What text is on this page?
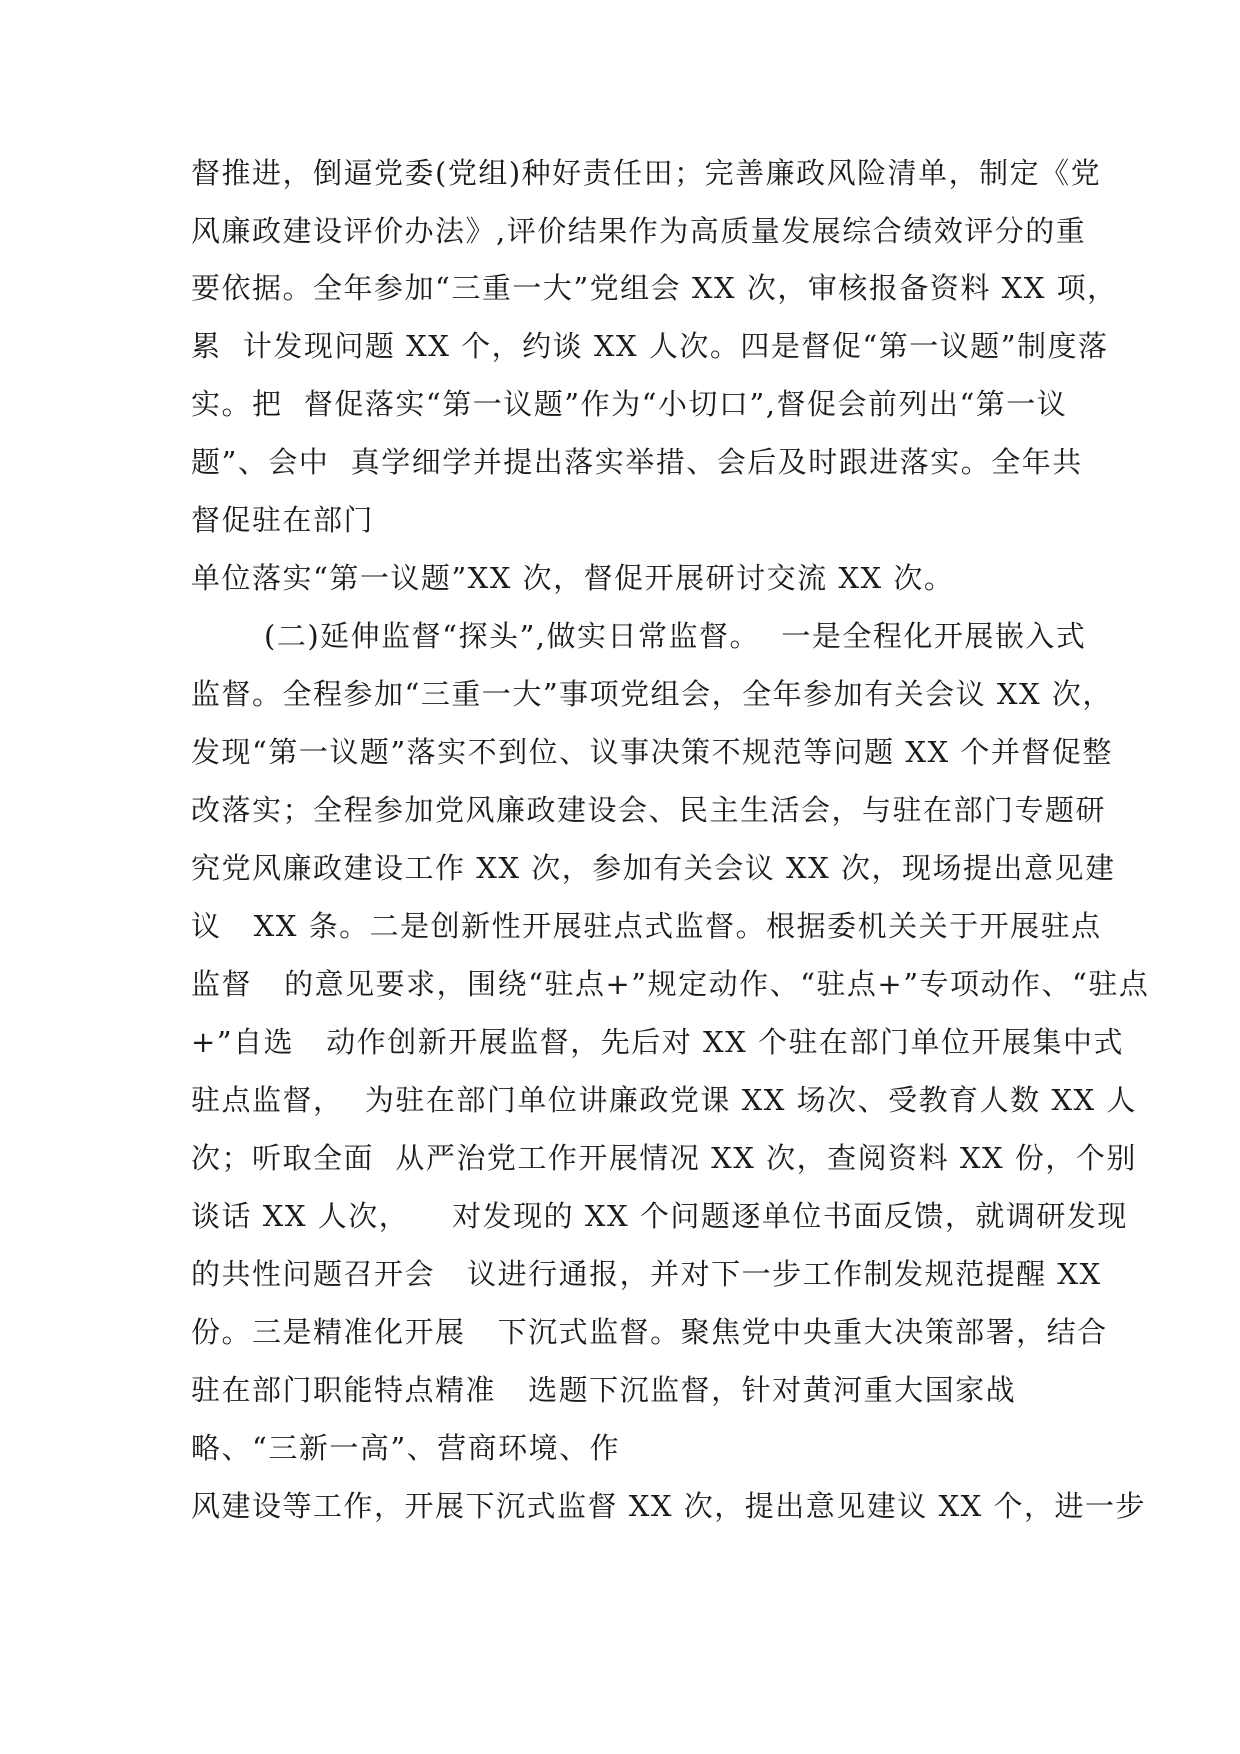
督推进，倒逼党委(党组)种好责任田；完善廉政风险清单，制定《党
风廉政建设评价办法》,评价结果作为高质量发展综合绩效评分的重
要依据。全年参加“三重一大”党组会 XX 次，审核报备资料 XX 项，
累  计发现问题 XX 个，约谈 XX 人次。四是督促“第一议题”制度落
实。把  督促落实“第一议题”作为“小切口”,督促会前列出“第一议
题”、会中  真学细学并提出落实举措、会后及时跟进落实。全年共
督促驻在部门
单位落实“第一议题”XX 次，督促开展研讨交流 XX 次。
(二)延伸监督“探头”,做实日常监督。  一是全程化开展嵌入式
监督。全程参加“三重一大”事项党组会，全年参加有关会议 XX 次，
发现“第一议题”落实不到位、议事决策不规范等问题 XX 个并督促整
改落实；全程参加党风廉政建设会、民主生活会，与驻在部门专题研
究党风廉政建设工作 XX 次，参加有关会议 XX 次，现场提出意见建
议   XX 条。二是创新性开展驻点式监督。根据委机关关于开展驻点
监督   的意见要求，围绕“驻点+”规定动作、“驻点+”专项动作、“驻点
+”自选   动作创新开展监督，先后对 XX 个驻在部门单位开展集中式
驻点监督，  为驻在部门单位讲廉政党课 XX 场次、受教育人数 XX 人
次；听取全面  从严治党工作开展情况 XX 次，查阅资料 XX 份，个别
谈话 XX 人次，    对发现的 XX 个问题逐单位书面反馈，就调研发现
的共性问题召开会   议进行通报，并对下一步工作制发规范提醒 XX
份。三是精准化开展   下沉式监督。聚焦党中央重大决策部署，结合
驻在部门职能特点精准   选题下沉监督，针对黄河重大国家战
略、“三新一高”、营商环境、作
风建设等工作，开展下沉式监督 XX 次，提出意见建议 XX 个，进一步
